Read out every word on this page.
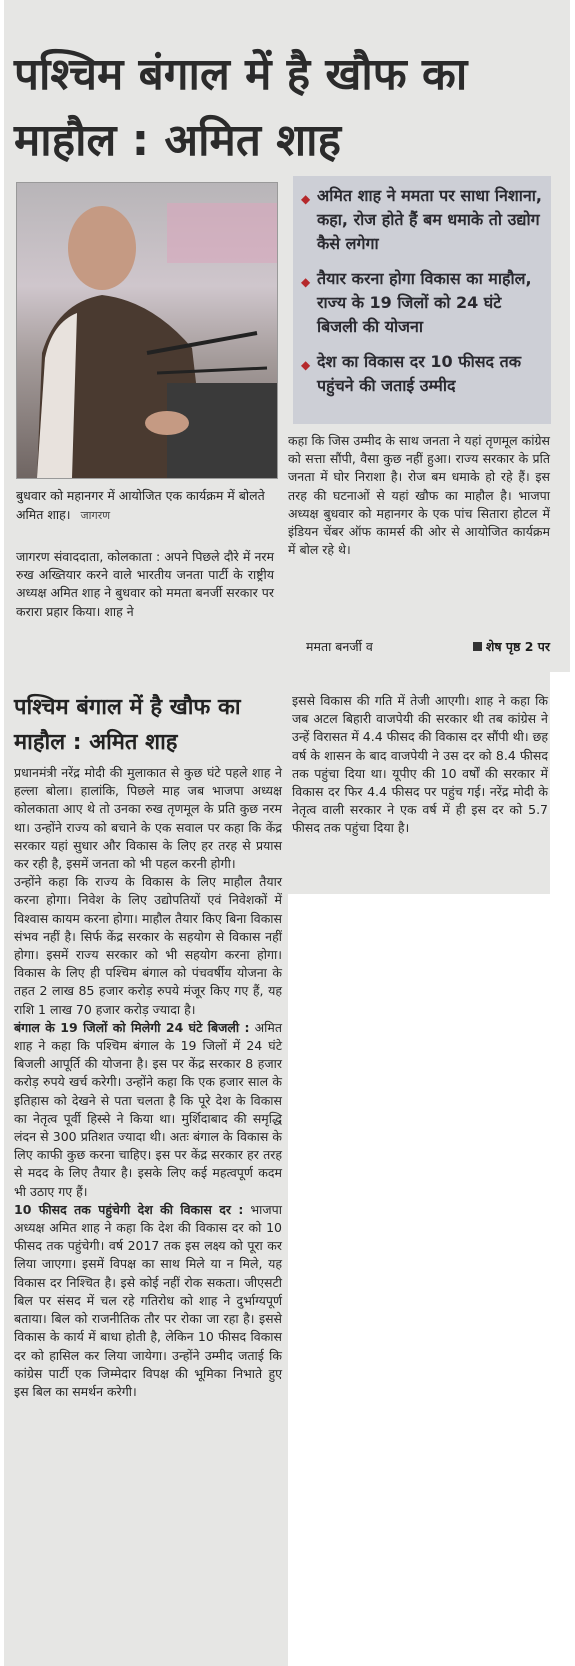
पश्चिम बंगाल में है खौफ का माहौल : अमित शाह

बुधवार को महानगर में आयोजित एक कार्यक्रम में बोलते अमित शाह। जागरण

◆ अमित शाह ने ममता पर साधा निशाना, कहा, रोज होते हैं बम धमाके तो उद्योग कैसे लगेगा
◆ तैयार करना होगा विकास का माहौल, राज्य के 19 जिलों को 24 घंटे बिजली की योजना
◆ देश का विकास दर 10 फीसद तक पहुंचने की जताई उम्मीद

जागरण संवाददाता, कोलकाता : अपने पिछले दौरे में नरम रुख अख्तियार करने वाले भारतीय जनता पार्टी के राष्ट्रीय अध्यक्ष अमित शाह ने बुधवार को ममता बनर्जी सरकार पर करारा प्रहार किया। शाह ने

कहा कि जिस उम्मीद के साथ जनता ने यहां तृणमूल कांग्रेस को सत्ता सौंपी, वैसा कुछ नहीं हुआ। राज्य सरकार के प्रति जनता में घोर निराशा है। रोज बम धमाके हो रहे हैं। इस तरह की घटनाओं से यहां खौफ का माहौल है। भाजपा अध्यक्ष बुधवार को महानगर के एक पांच सितारा होटल में इंडियन चेंबर ऑफ कामर्स की ओर से आयोजित कार्यक्रम में बोल रहे थे।

ममता बनर्जी व	शेष पृष्ठ 2 पर
पश्चिम बंगाल में है खौफ का माहौल : अमित शाह

प्रधानमंत्री नरेंद्र मोदी की मुलाकात से कुछ घंटे पहले शाह ने हल्ला बोला। हालांकि, पिछले माह जब भाजपा अध्यक्ष कोलकाता आए थे तो उनका रुख तृणमूल के प्रति कुछ नरम था। उन्होंने राज्य को बचाने के एक सवाल पर कहा कि केंद्र सरकार यहां सुधार और विकास के लिए हर तरह से प्रयास कर रही है, इसमें जनता को भी पहल करनी होगी।

उन्होंने कहा कि राज्य के विकास के लिए माहौल तैयार करना होगा। निवेश के लिए उद्योपतियों एवं निवेशकों में विश्वास कायम करना होगा। माहौल तैयार किए बिना विकास संभव नहीं है। सिर्फ केंद्र सरकार के सहयोग से विकास नहीं होगा। इसमें राज्य सरकार को भी सहयोग करना होगा। विकास के लिए ही पश्चिम बंगाल को पंचवर्षीय योजना के तहत 2 लाख 85 हजार करोड़ रुपये मंजूर किए गए हैं, यह राशि 1 लाख 70 हजार करोड़ ज्यादा है।

बंगाल के 19 जिलों को मिलेगी 24 घंटे बिजली : अमित शाह ने कहा कि पश्चिम बंगाल के 19 जिलों में 24 घंटे बिजली आपूर्ति की योजना है। इस पर केंद्र सरकार 8 हजार करोड़ रुपये खर्च करेगी। उन्होंने कहा कि एक हजार साल के इतिहास को देखने से पता चलता है कि पूरे देश के विकास का नेतृत्व पूर्वी हिस्से ने किया था। मुर्शिदाबाद की समृद्धि लंदन से 300 प्रतिशत ज्यादा थी। अतः बंगाल के विकास के लिए काफी कुछ करना चाहिए। इस पर केंद्र सरकार हर तरह से मदद के लिए तैयार है। इसके लिए कई महत्वपूर्ण कदम भी उठाए गए हैं।

10 फीसद तक पहुंचेगी देश की विकास दर : भाजपा अध्यक्ष अमित शाह ने कहा कि देश की विकास दर को 10 फीसद तक पहुंचेगी। वर्ष 2017 तक इस लक्ष्य को पूरा कर लिया जाएगा। इसमें विपक्ष का साथ मिले या न मिले, यह विकास दर निश्चित है। इसे कोई नहीं रोक सकता। जीएसटी बिल पर संसद में चल रहे गतिरोध को शाह ने दुर्भाग्यपूर्ण बताया। बिल को राजनीतिक तौर पर रोका जा रहा है। इससे विकास के कार्य में बाधा होती है, लेकिन 10 फीसद विकास दर को हासिल कर लिया जायेगा। उन्होंने उम्मीद जताई कि कांग्रेस पार्टी एक जिम्मेदार विपक्ष की भूमिका निभाते हुए इस बिल का समर्थन करेगी।

इससे विकास की गति में तेजी आएगी। शाह ने कहा कि जब अटल बिहारी वाजपेयी की सरकार थी तब कांग्रेस ने उन्हें विरासत में 4.4 फीसद की विकास दर सौंपी थी। छह वर्ष के शासन के बाद वाजपेयी ने उस दर को 8.4 फीसद तक पहुंचा दिया था। यूपीए की 10 वर्षों की सरकार में विकास दर फिर 4.4 फीसद पर पहुंच गई। नरेंद्र मोदी के नेतृत्व वाली सरकार ने एक वर्ष में ही इस दर को 5.7 फीसद तक पहुंचा दिया है।
